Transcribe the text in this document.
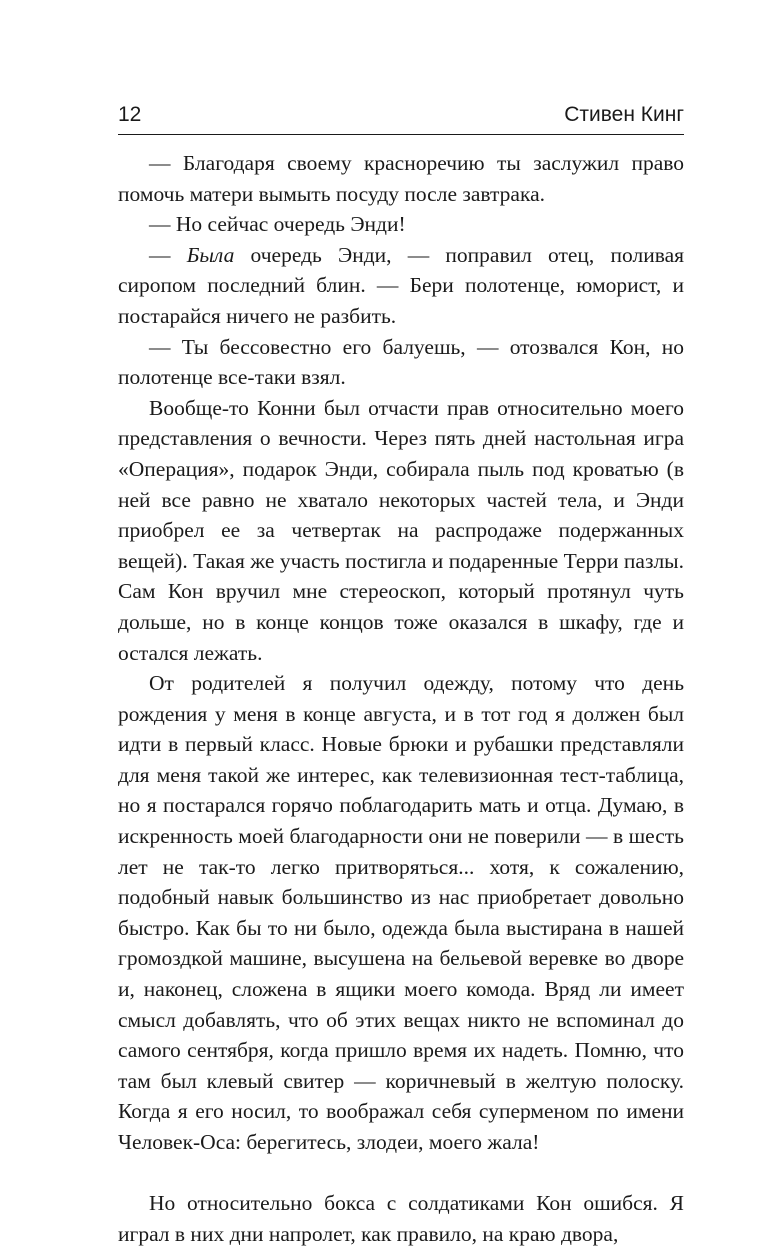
12	Стивен Кинг

— Благодаря своему красноречию ты заслужил право помочь матери вымыть посуду после завтрака.

— Но сейчас очередь Энди!

— Была очередь Энди, — поправил отец, поливая сиропом последний блин. — Бери полотенце, юморист, и постарайся ничего не разбить.

— Ты бессовестно его балуешь, — отозвался Кон, но полотенце все-таки взял.

Вообще-то Конни был отчасти прав относительно моего представления о вечности. Через пять дней настольная игра «Операция», подарок Энди, собирала пыль под кроватью (в ней все равно не хватало некоторых частей тела, и Энди приобрел ее за четвертак на распродаже подержанных вещей). Такая же участь постигла и подаренные Терри пазлы. Сам Кон вручил мне стереоскоп, который протянул чуть дольше, но в конце концов тоже оказался в шкафу, где и остался лежать.

От родителей я получил одежду, потому что день рождения у меня в конце августа, и в тот год я должен был идти в первый класс. Новые брюки и рубашки представляли для меня такой же интерес, как телевизионная тест-таблица, но я постарался горячо поблагодарить мать и отца. Думаю, в искренность моей благодарности они не поверили — в шесть лет не так-то легко притворяться... хотя, к сожалению, подобный навык большинство из нас приобретает довольно быстро. Как бы то ни было, одежда была выстирана в нашей громоздкой машине, высушена на бельевой веревке во дворе и, наконец, сложена в ящики моего комода. Вряд ли имеет смысл добавлять, что об этих вещах никто не вспоминал до самого сентября, когда пришло время их надеть. Помню, что там был клевый свитер — коричневый в желтую полоску. Когда я его носил, то воображал себя суперменом по имени Человек-Оса: берегитесь, злодеи, моего жала!

Но относительно бокса с солдатиками Кон ошибся. Я играл в них дни напролет, как правило, на краю двора,
